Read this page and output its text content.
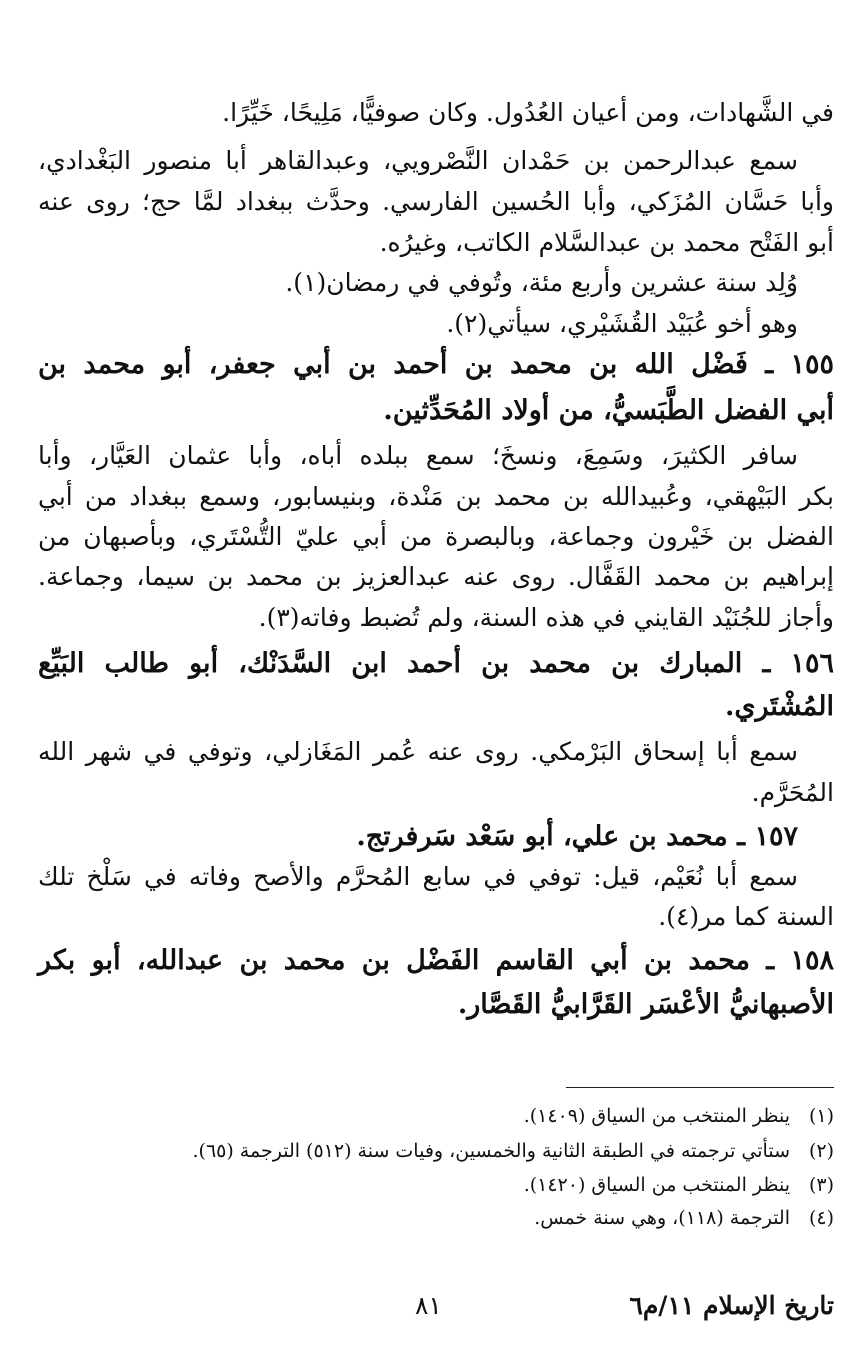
في الشَّهادات، ومن أعيان العُدُول. وكان صوفيًّا، مَلِيحًا، خَيِّرًا.
سمع عبدالرحمن بن حَمْدان النَّصْرويي، وعبدالقاهر أبا منصور البَغْدادي،
وأبا حَسَّان المُزَكي، وأبا الحُسين الفارسي. وحدَّث ببغداد لمَّا حج؛ روى عنه
أبو الفَتْح محمد بن عبدالسَّلام الكاتب، وغيرُه.
وُلِد سنة عشرين وأربع مئة، وتُوفي في رمضان(١).
وهو أخو عُبَيْد القُشَيْري، سيأتي(٢).
١٥٥ ـ فَضْل الله بن محمد بن أحمد بن أبي جعفر، أبو محمد بن
أبي الفضل الطَّبَسيُّ، من أولاد المُحَدِّثين.
سافر الكثيرَ، وسَمِعَ، ونسخَ؛ سمع ببلده أباه، وأبا عثمان العَيَّار، وأبا
بكر البَيْهقي، وعُبيدالله بن محمد بن مَنْدة، وبنيسابور، وسمع ببغداد من أبي
الفضل بن خَيْرون وجماعة، وبالبصرة من أبي عليّ التُّسْتَري، وبأصبهان من
إبراهيم بن محمد القَفَّال. روى عنه عبدالعزيز بن محمد بن سيما، وجماعة.
وأجاز للجُنَيْد القايني في هذه السنة، ولم تُضبط وفاته(٣).
١٥٦ ـ المبارك بن محمد بن أحمد ابن السَّدَنْك، أبو طالب البَيِّع
المُشْتَري.
سمع أبا إسحاق البَرْمكي. روى عنه عُمر المَغَازلي، وتوفي في شهر الله
المُحَرَّم.
١٥٧ ـ محمد بن علي، أبو سَعْد سَرفرتج.
سمع أبا نُعَيْم، قيل: توفي في سابع المُحرَّم والأصح وفاته في سَلْخ تلك
السنة كما مر(٤).
١٥٨ ـ محمد بن أبي القاسم الفَضْل بن محمد بن عبدالله، أبو بكر
الأصبهانيُّ الأعْسَر القَرَّابيُّ القَصَّار.
(١)ينظر المنتخب من السياق (١٤٠٩).
(٢)ستأتي ترجمته في الطبقة الثانية والخمسين، وفيات سنة (٥١٢) الترجمة (٦٥).
(٣)ينظر المنتخب من السياق (١٤٢٠).
(٤)الترجمة (١١٨)، وهي سنة خمس.
تاريخ الإسلام ١١/م٦
٨١
